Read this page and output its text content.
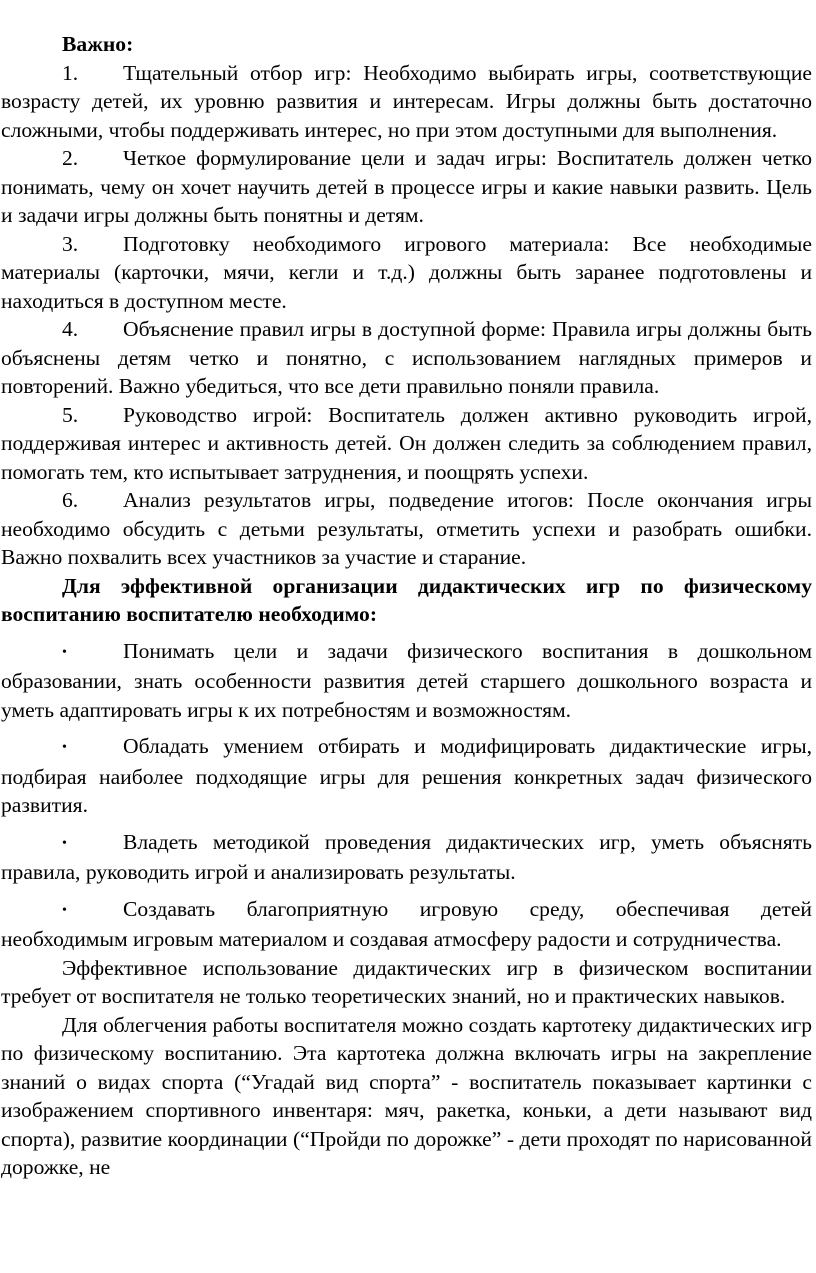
Важно:

1. Тщательный отбор игр: Необходимо выбирать игры, соответствующие возрасту детей, их уровню развития и интересам. Игры должны быть достаточно сложными, чтобы поддерживать интерес, но при этом доступными для выполнения.

2. Четкое формулирование цели и задач игры: Воспитатель должен четко понимать, чему он хочет научить детей в процессе игры и какие навыки развить. Цель и задачи игры должны быть понятны и детям.

3. Подготовку необходимого игрового материала: Все необходимые материалы (карточки, мячи, кегли и т.д.) должны быть заранее подготовлены и находиться в доступном месте.

4. Объяснение правил игры в доступной форме: Правила игры должны быть объяснены детям четко и понятно, с использованием наглядных примеров и повторений. Важно убедиться, что все дети правильно поняли правила.

5. Руководство игрой: Воспитатель должен активно руководить игрой, поддерживая интерес и активность детей. Он должен следить за соблюдением правил, помогать тем, кто испытывает затруднения, и поощрять успехи.

6. Анализ результатов игры, подведение итогов: После окончания игры необходимо обсудить с детьми результаты, отметить успехи и разобрать ошибки. Важно похвалить всех участников за участие и старание.

Для эффективной организации дидактических игр по физическому воспитанию воспитателю необходимо:

•	Понимать цели и задачи физического воспитания в дошкольном образовании, знать особенности развития детей старшего дошкольного возраста и уметь адаптировать игры к их потребностям и возможностям.

•	Обладать умением отбирать и модифицировать дидактические игры, подбирая наиболее подходящие игры для решения конкретных задач физического развития.

•	Владеть методикой проведения дидактических игр, уметь объяснять правила, руководить игрой и анализировать результаты.

•	Создавать благоприятную игровую среду, обеспечивая детей необходимым игровым материалом и создавая атмосферу радости и сотрудничества.

Эффективное использование дидактических игр в физическом воспитании требует от воспитателя не только теоретических знаний, но и практических навыков.

Для облегчения работы воспитателя можно создать картотеку дидактических игр по физическому воспитанию. Эта картотека должна включать игры на закрепление знаний о видах спорта (“Угадай вид спорта” - воспитатель показывает картинки с изображением спортивного инвентаря: мяч, ракетка, коньки, а дети называют вид спорта), развитие координации (“Пройди по дорожке” - дети проходят по нарисованной дорожке, не
